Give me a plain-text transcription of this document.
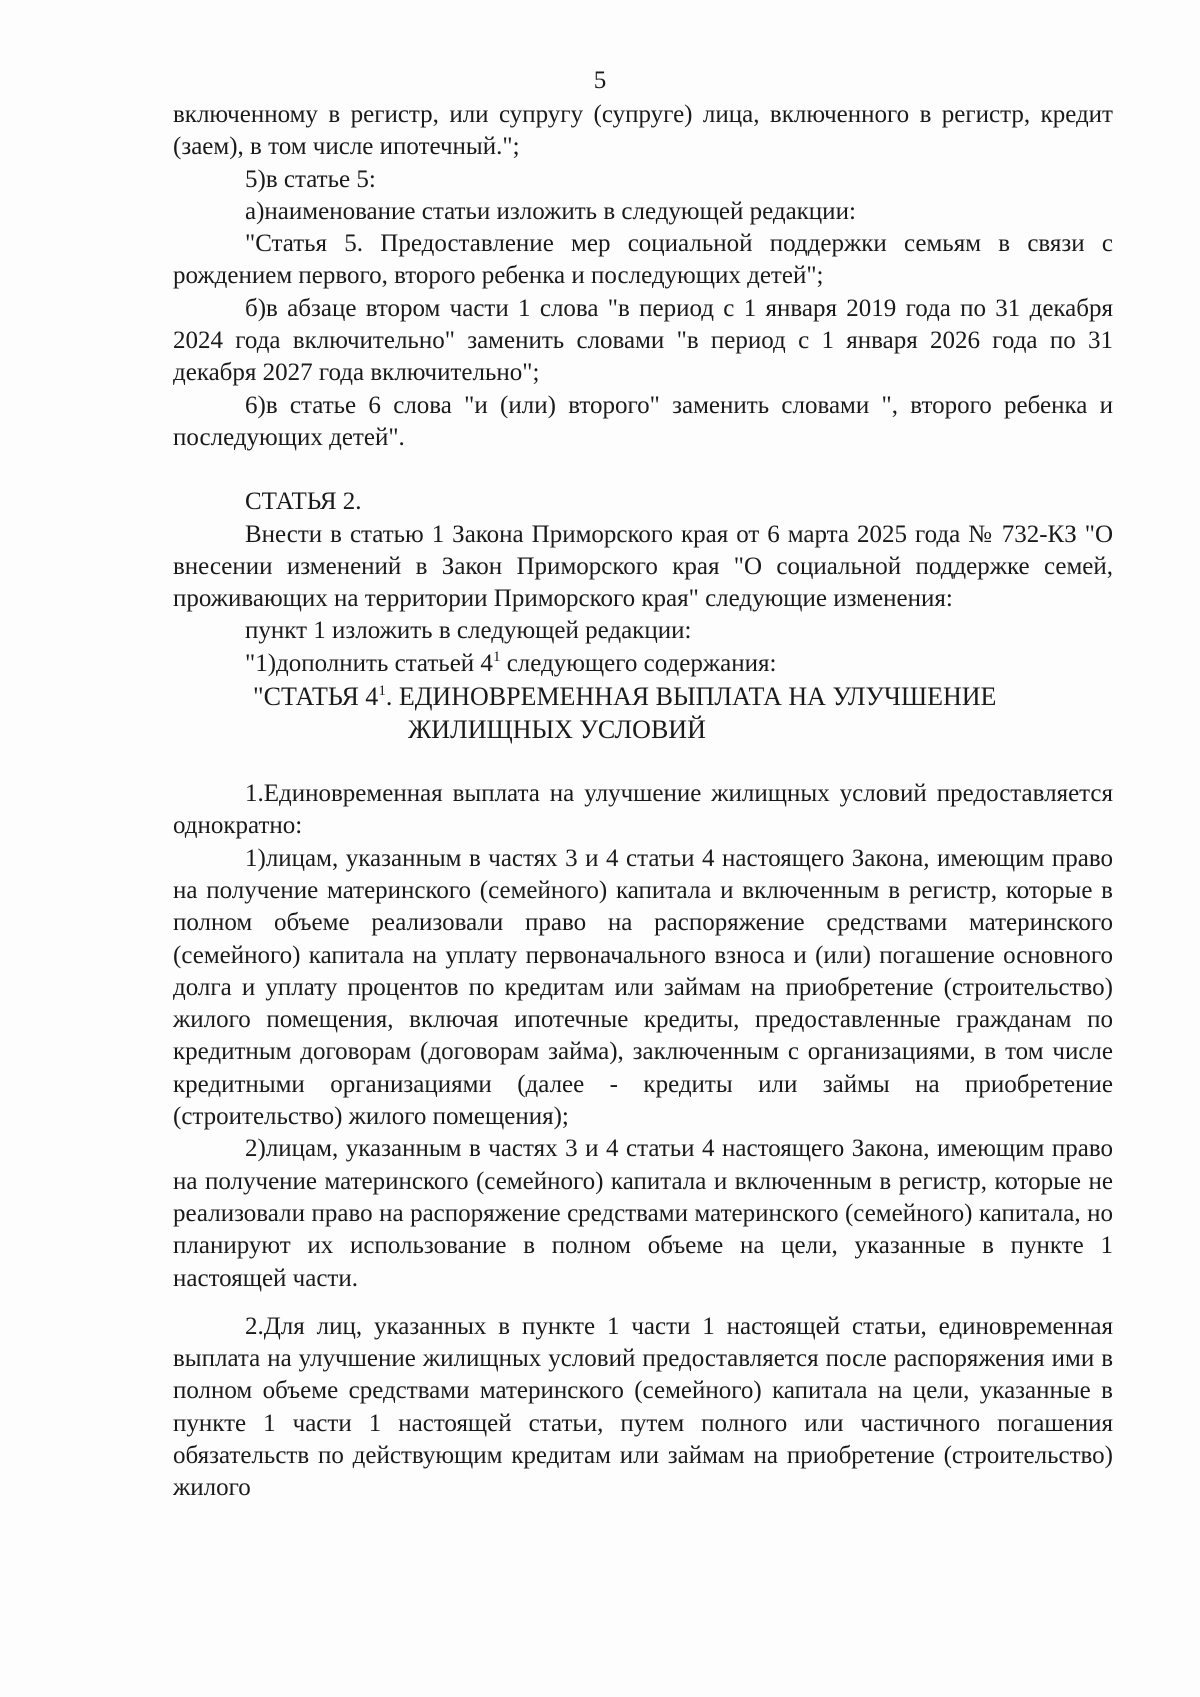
5

включенному в регистр, или супругу (супруге) лица, включенного в регистр, кредит (заем), в том числе ипотечный.";

5)в статье 5:

а)наименование статьи изложить в следующей редакции:

"Статья 5. Предоставление мер социальной поддержки семьям в связи с рождением первого, второго ребенка и последующих детей";

б)в абзаце втором части 1 слова "в период с 1 января 2019 года по 31 декабря 2024 года включительно" заменить словами "в период с 1 января 2026 года по 31 декабря 2027 года включительно";

6)в статье 6 слова "и (или) второго" заменить словами ", второго ребенка и последующих детей".

СТАТЬЯ 2.

Внести в статью 1 Закона Приморского края от 6 марта 2025 года № 732-КЗ "О внесении изменений в Закон Приморского края "О социальной поддержке семей, проживающих на территории Приморского края" следующие изменения:

пункт 1 изложить в следующей редакции:

"1)дополнить статьей $4^1$ следующего содержания:

"СТАТЬЯ $4^1$. ЕДИНОВРЕМЕННАЯ ВЫПЛАТА НА УЛУЧШЕНИЕ

ЖИЛИЩНЫХ УСЛОВИЙ

1.Единовременная выплата на улучшение жилищных условий предоставляется однократно:

1)лицам, указанным в частях 3 и 4 статьи 4 настоящего Закона, имеющим право на получение материнского (семейного) капитала и включенным в регистр, которые в полном объеме реализовали право на распоряжение средствами материнского (семейного) капитала на уплату первоначального взноса и (или) погашение основного долга и уплату процентов по кредитам или займам на приобретение (строительство) жилого помещения, включая ипотечные кредиты, предоставленные гражданам по кредитным договорам (договорам займа), заключенным с организациями, в том числе кредитными организациями (далее - кредиты или займы на приобретение (строительство) жилого помещения);

2)лицам, указанным в частях 3 и 4 статьи 4 настоящего Закона, имеющим право на получение материнского (семейного) капитала и включенным в регистр, которые не реализовали право на распоряжение средствами материнского (семейного) капитала, но планируют их использование в полном объеме на цели, указанные в пункте 1 настоящей части.

2.Для лиц, указанных в пункте 1 части 1 настоящей статьи, единовременная выплата на улучшение жилищных условий предоставляется после распоряжения ими в полном объеме средствами материнского (семейного) капитала на цели, указанные в пункте 1 части 1 настоящей статьи, путем полного или частичного погашения обязательств по действующим кредитам или займам на приобретение (строительство) жилого
